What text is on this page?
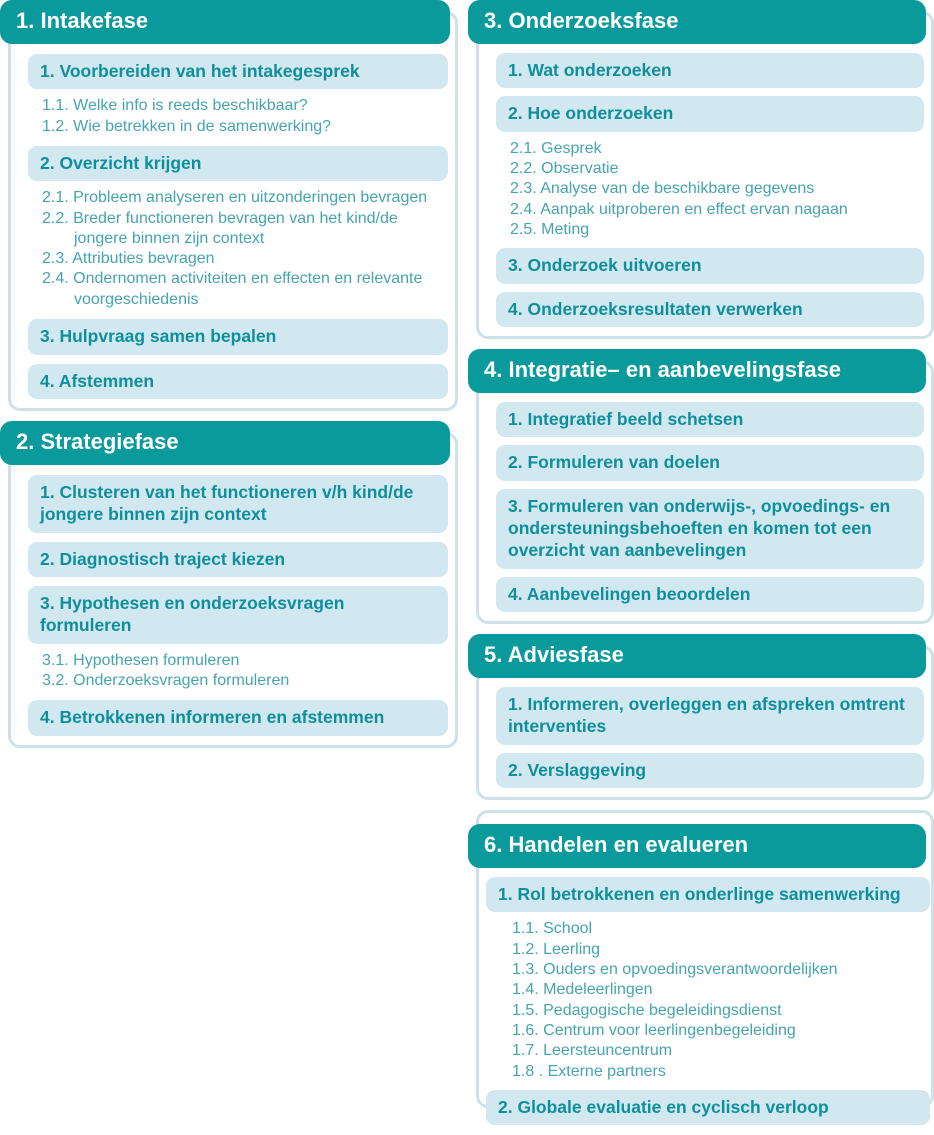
1. Intakefase
1. Voorbereiden van het intakegesprek
1.1. Welke info is reeds beschikbaar?
1.2. Wie betrekken in de samenwerking?
2. Overzicht krijgen
2.1. Probleem analyseren en uitzonderingen bevragen
2.2. Breder functioneren bevragen van het kind/de jongere binnen zijn context
2.3. Attributies bevragen
2.4. Ondernomen activiteiten en effecten en relevante voorgeschiedenis
3. Hulpvraag samen bepalen
4. Afstemmen
2. Strategiefase
1. Clusteren van het functioneren v/h kind/de jongere binnen zijn context
2. Diagnostisch traject kiezen
3. Hypothesen en onderzoeksvragen formuleren
3.1. Hypothesen formuleren
3.2. Onderzoeksvragen formuleren
4. Betrokkenen informeren en afstemmen
3. Onderzoeksfase
1. Wat onderzoeken
2. Hoe onderzoeken
2.1. Gesprek
2.2. Observatie
2.3. Analyse van de beschikbare gegevens
2.4. Aanpak uitproberen en effect ervan nagaan
2.5. Meting
3. Onderzoek uitvoeren
4. Onderzoeksresultaten verwerken
4. Integratie– en aanbevelingsfase
1. Integratief beeld schetsen
2. Formuleren van doelen
3. Formuleren van onderwijs-, opvoedings- en ondersteuningsbehoeften en komen tot een overzicht van aanbevelingen
4. Aanbevelingen beoordelen
5. Adviesfase
1. Informeren, overleggen en afspreken omtrent interventies
2. Verslaggeving
6. Handelen en evalueren
1. Rol betrokkenen en onderlinge samenwerking
1.1. School
1.2. Leerling
1.3. Ouders en opvoedingsverantwoordelijken
1.4. Medeleerlingen
1.5. Pedagogische begeleidingsdienst
1.6. Centrum voor leerlingenbegeleiding
1.7. Leersteuncentrum
1.8 . Externe partners
2. Globale evaluatie en cyclisch verloop
